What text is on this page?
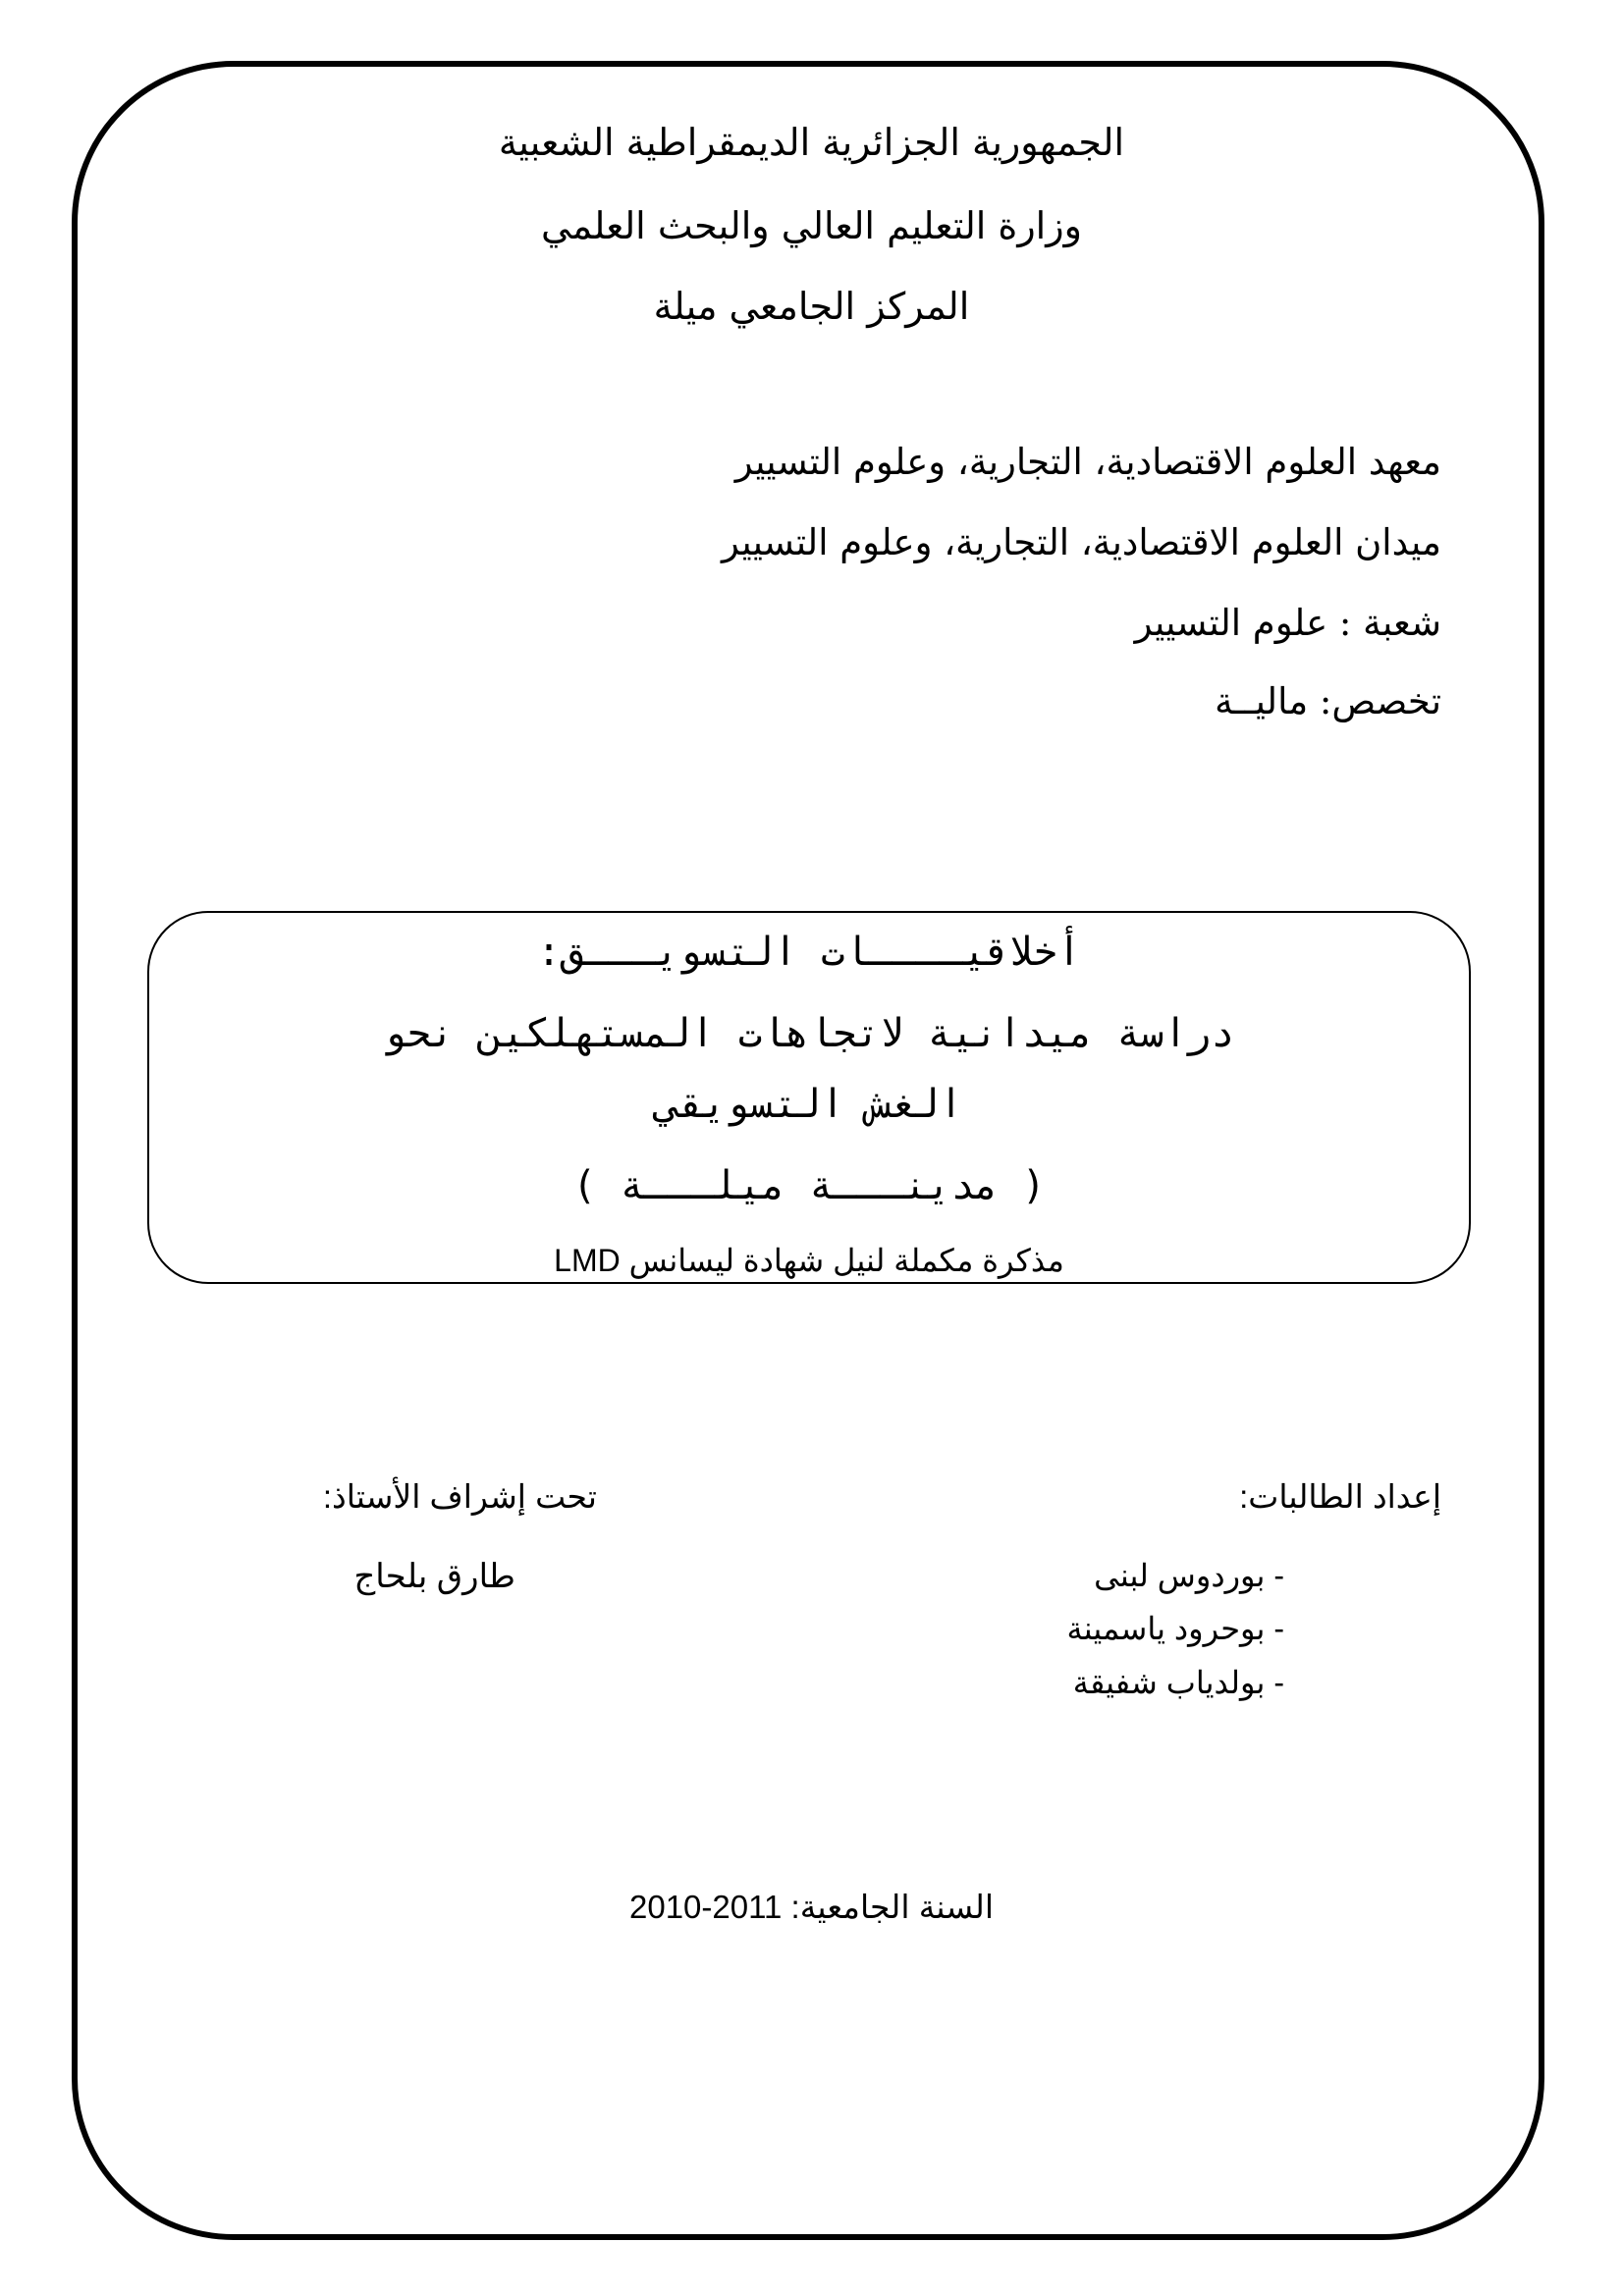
الجمهورية الجزائرية الديمقراطية الشعبية
وزارة التعليم العالي والبحث العلمي
المركز الجامعي ميلة
معهد العلوم الاقتصادية، التجارية، وعلوم التسيير
ميدان العلوم الاقتصادية، التجارية، وعلوم التسيير
شعبة : علوم التسيير
تخصص: ماليــة
أخلاقيــــات التسويـــق:
دراسة ميدانية لاتجاهات المستهلكين نحو
الغش التسويقي
( مدينـــة ميلـــة )
مذكرة مكملة لنيل شهادة ليسانس LMD
إعداد الطالبات:
تحت إشراف الأستاذ:
- بوردوس لبنى
- بوحرود ياسمينة
- بولدياب شفيقة
طارق بلحاج
السنة الجامعية: 2010-2011
